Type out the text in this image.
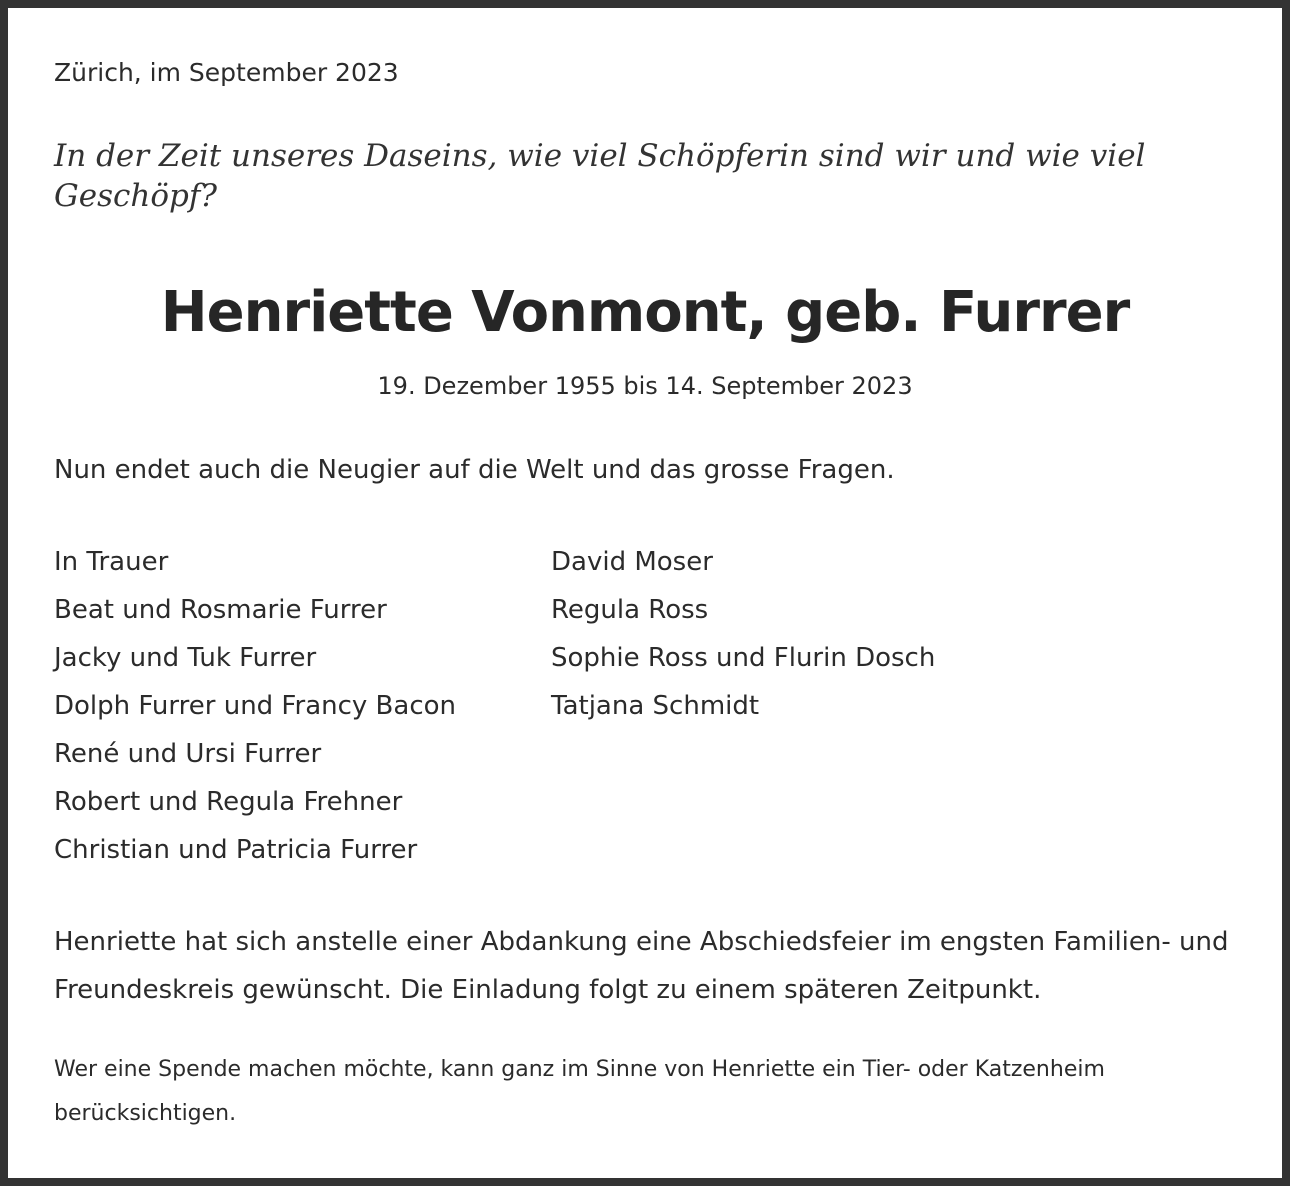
Zürich, im September 2023
In der Zeit unseres Daseins, wie viel Schöpferin sind wir und wie viel Geschöpf?
Henriette Vonmont, geb. Furrer
19. Dezember 1955 bis 14. September 2023
Nun endet auch die Neugier auf die Welt und das grosse Fragen.
In Trauer
Beat und Rosmarie Furrer
Jacky und Tuk Furrer
Dolph Furrer und Francy Bacon
René und Ursi Furrer
Robert und Regula Frehner
Christian und Patricia Furrer
David Moser
Regula Ross
Sophie Ross und Flurin Dosch
Tatjana Schmidt
Henriette hat sich anstelle einer Abdankung eine Abschiedsfeier im engsten Familien- und Freundeskreis gewünscht. Die Einladung folgt zu einem späteren Zeitpunkt.
Wer eine Spende machen möchte, kann ganz im Sinne von Henriette ein Tier- oder Katzenheim berücksichtigen.
